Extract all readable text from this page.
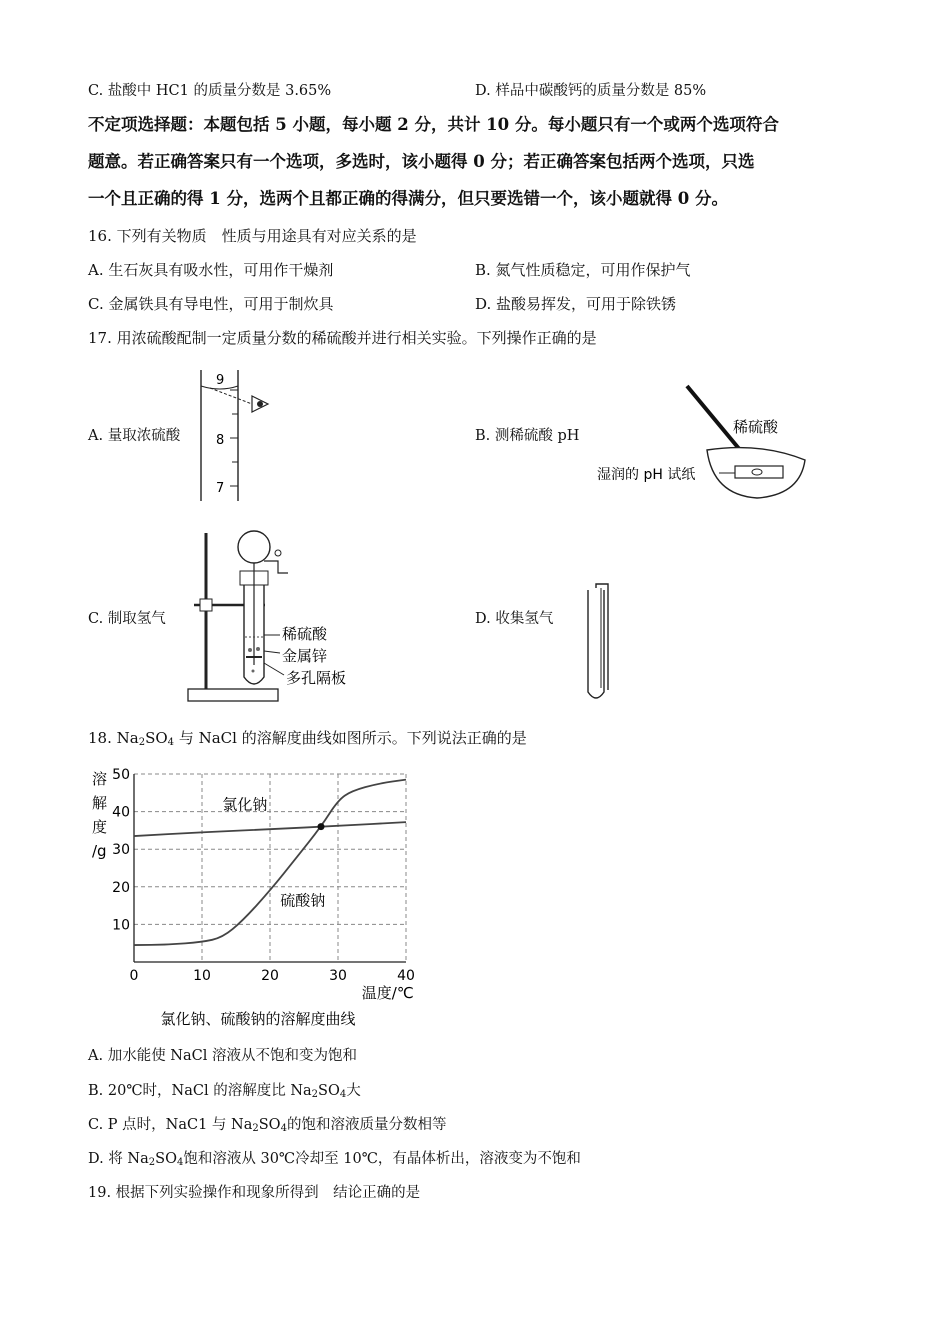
C. 盐酸中 HC1 的质量分数是 3.65%	D. 样品中碳酸钙的质量分数是 85%
不定项选择题：本题包括 5 小题，每小题 2 分，共计 10 分。每小题只有一个或两个选项符合
题意。若正确答案只有一个选项，多选时，该小题得 0 分；若正确答案包括两个选项，只选
一个且正确的得 1 分，选两个且都正确的得满分，但只要选错一个，该小题就得 0 分。
16. 下列有关物质　性质与用途具有对应关系的是
A. 生石灰具有吸水性，可用作干燥剂	B. 氮气性质稳定，可用作保护气
C. 金属铁具有导电性，可用于制炊具	D. 盐酸易挥发，可用于除铁锈
17. 用浓硫酸配制一定质量分数的稀硫酸并进行相关实验。下列操作正确的是
A. 量取浓硫酸
9
8
7
B. 测稀硫酸 pH	稀硫酸
湿润的 pH 试纸
C. 制取氢气
稀硫酸
金属锌
多孔隔板
D. 收集氢气
18. $Na_2SO_4$ 与 NaCl 的溶解度曲线如图所示。下列说法正确的是
溶
解
度
/g
0	10	20	30	40
10
20
30
40
50
氯化钠
硫酸钠
温度/℃
氯化钠、硫酸钠的溶解度曲线
A. 加水能使 NaCl 溶液从不饱和变为饱和
B. 20℃时，NaCl 的溶解度比 $Na_2SO_4$大
C. P 点时，NaC1 与 $Na_2SO_4$的饱和溶液质量分数相等
D. 将 $Na_2SO_4$饱和溶液从 30℃冷却至 10℃，有晶体析出，溶液变为不饱和
19. 根据下列实验操作和现象所得到　结论正确的是
